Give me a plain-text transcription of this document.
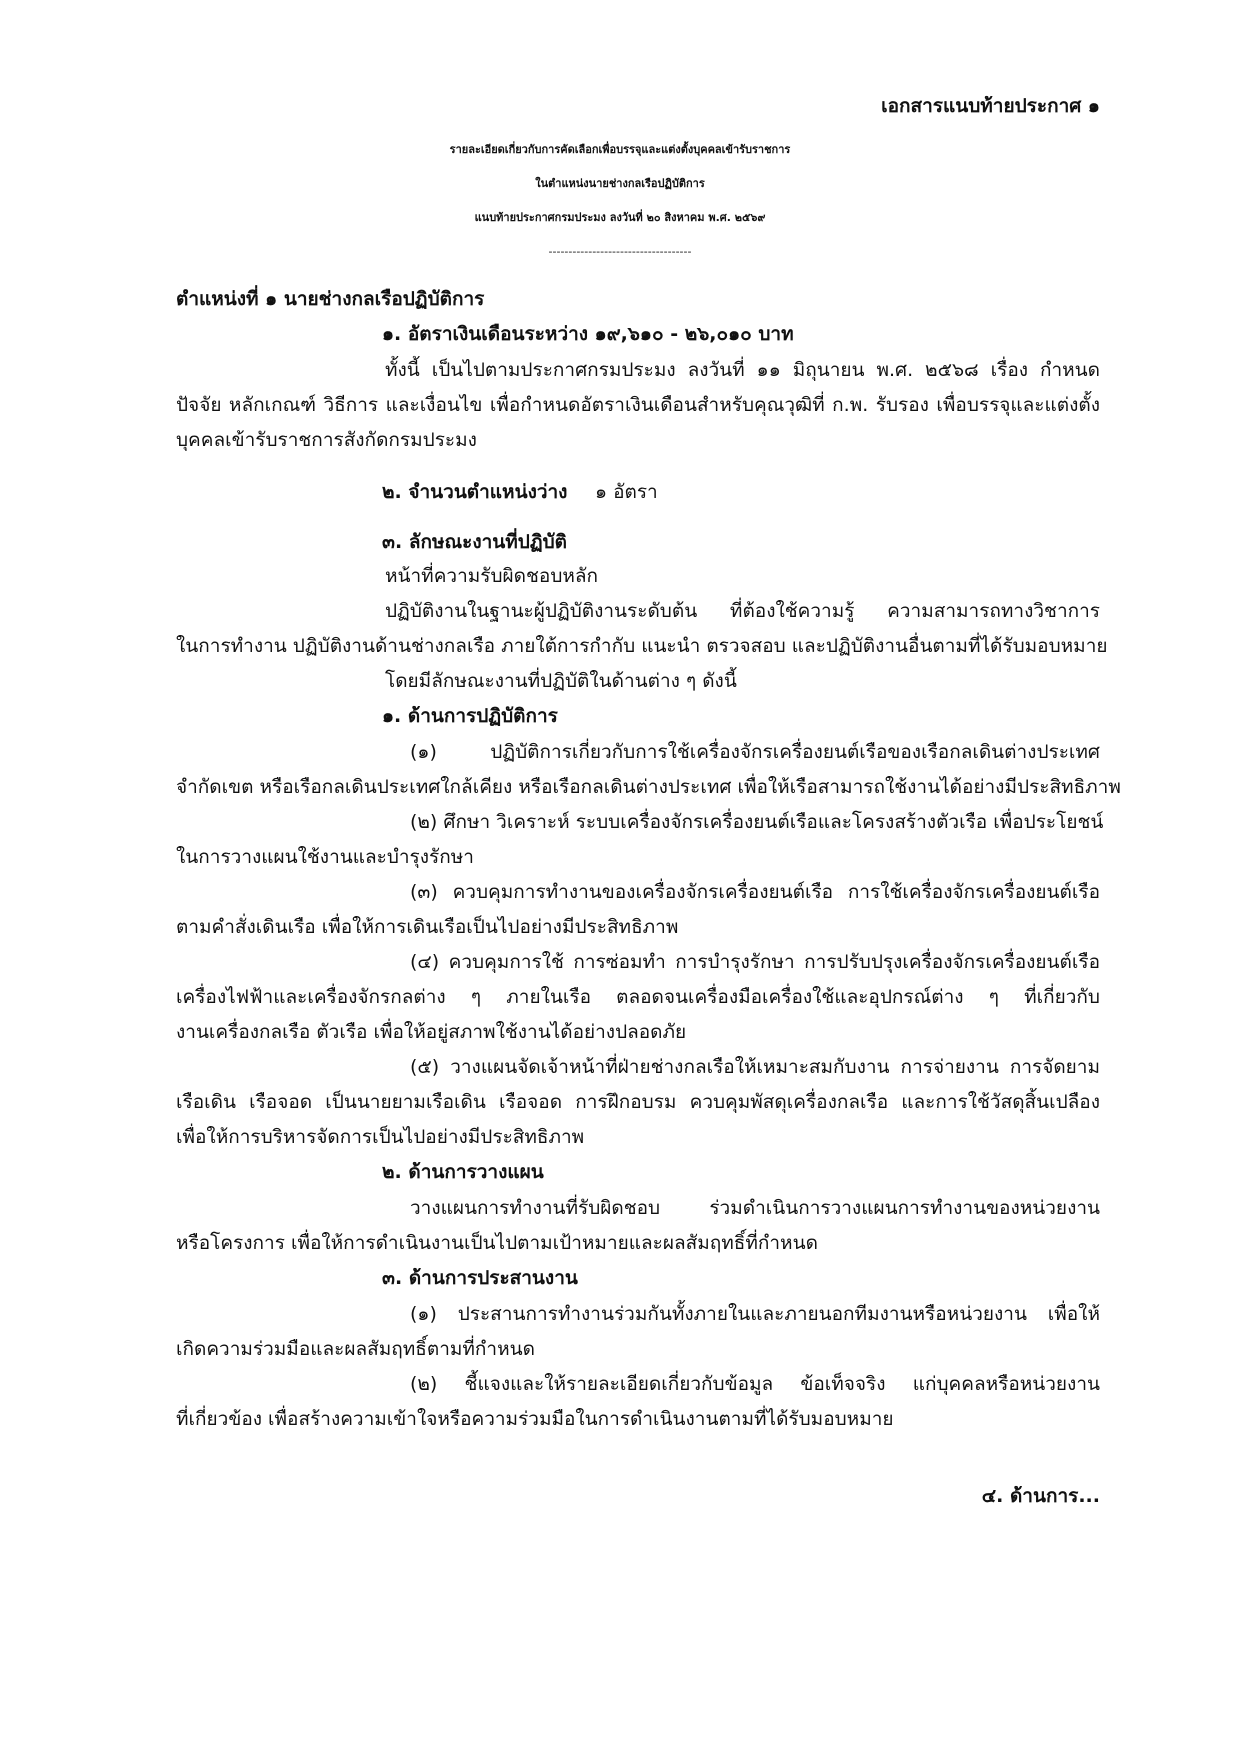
เอกสารแนบท้ายประกาศ ๑
รายละเอียดเกี่ยวกับการคัดเลือกเพื่อบรรจุและแต่งตั้งบุคคลเข้ารับราชการ
ในตำแหน่งนายช่างกลเรือปฏิบัติการ
แนบท้ายประกาศกรมประมง ลงวันที่ ๒๐ สิงหาคม พ.ศ. ๒๕๖๙
------------------------------------
ตำแหน่งที่ ๑ นายช่างกลเรือปฏิบัติการ
๑. อัตราเงินเดือนระหว่าง ๑๙,๖๑๐ - ๒๖,๐๑๐ บาท
ทั้งนี้ เป็นไปตามประกาศกรมประมง ลงวันที่ ๑๑ มิถุนายน พ.ศ. ๒๕๖๘ เรื่อง กำหนด
ปัจจัย หลักเกณฑ์ วิธีการ และเงื่อนไข เพื่อกำหนดอัตราเงินเดือนสำหรับคุณวุฒิที่ ก.พ. รับรอง เพื่อบรรจุและแต่งตั้ง
บุคคลเข้ารับราชการสังกัดกรมประมง
๒. จำนวนตำแหน่งว่าง ๑ อัตรา
๓. ลักษณะงานที่ปฏิบัติ
หน้าที่ความรับผิดชอบหลัก
ปฏิบัติงานในฐานะผู้ปฏิบัติงานระดับต้น ที่ต้องใช้ความรู้ ความสามารถทางวิชาการ
ในการทำงาน ปฏิบัติงานด้านช่างกลเรือ ภายใต้การกำกับ แนะนำ ตรวจสอบ และปฏิบัติงานอื่นตามที่ได้รับมอบหมาย
โดยมีลักษณะงานที่ปฏิบัติในด้านต่าง ๆ ดังนี้
๑. ด้านการปฏิบัติการ
(๑) ปฏิบัติการเกี่ยวกับการใช้เครื่องจักรเครื่องยนต์เรือของเรือกลเดินต่างประเทศ
จำกัดเขต หรือเรือกลเดินประเทศใกล้เคียง หรือเรือกลเดินต่างประเทศ เพื่อให้เรือสามารถใช้งานได้อย่างมีประสิทธิภาพ
(๒) ศึกษา วิเคราะห์ ระบบเครื่องจักรเครื่องยนต์เรือและโครงสร้างตัวเรือ เพื่อประโยชน์
ในการวางแผนใช้งานและบำรุงรักษา
(๓) ควบคุมการทำงานของเครื่องจักรเครื่องยนต์เรือ การใช้เครื่องจักรเครื่องยนต์เรือ
ตามคำสั่งเดินเรือ เพื่อให้การเดินเรือเป็นไปอย่างมีประสิทธิภาพ
(๔) ควบคุมการใช้ การซ่อมทำ การบำรุงรักษา การปรับปรุงเครื่องจักรเครื่องยนต์เรือ
เครื่องไฟฟ้าและเครื่องจักรกลต่าง ๆ ภายในเรือ ตลอดจนเครื่องมือเครื่องใช้และอุปกรณ์ต่าง ๆ ที่เกี่ยวกับ
งานเครื่องกลเรือ ตัวเรือ เพื่อให้อยู่สภาพใช้งานได้อย่างปลอดภัย
(๕) วางแผนจัดเจ้าหน้าที่ฝ่ายช่างกลเรือให้เหมาะสมกับงาน การจ่ายงาน การจัดยาม
เรือเดิน เรือจอด เป็นนายยามเรือเดิน เรือจอด การฝึกอบรม ควบคุมพัสดุเครื่องกลเรือ และการใช้วัสดุสิ้นเปลือง
เพื่อให้การบริหารจัดการเป็นไปอย่างมีประสิทธิภาพ
๒. ด้านการวางแผน
วางแผนการทำงานที่รับผิดชอบ ร่วมดำเนินการวางแผนการทำงานของหน่วยงาน
หรือโครงการ เพื่อให้การดำเนินงานเป็นไปตามเป้าหมายและผลสัมฤทธิ์ที่กำหนด
๓. ด้านการประสานงาน
(๑) ประสานการทำงานร่วมกันทั้งภายในและภายนอกทีมงานหรือหน่วยงาน เพื่อให้
เกิดความร่วมมือและผลสัมฤทธิ์ตามที่กำหนด
(๒) ชี้แจงและให้รายละเอียดเกี่ยวกับข้อมูล ข้อเท็จจริง แก่บุคคลหรือหน่วยงาน
ที่เกี่ยวข้อง เพื่อสร้างความเข้าใจหรือความร่วมมือในการดำเนินงานตามที่ได้รับมอบหมาย
๔. ด้านการ...
